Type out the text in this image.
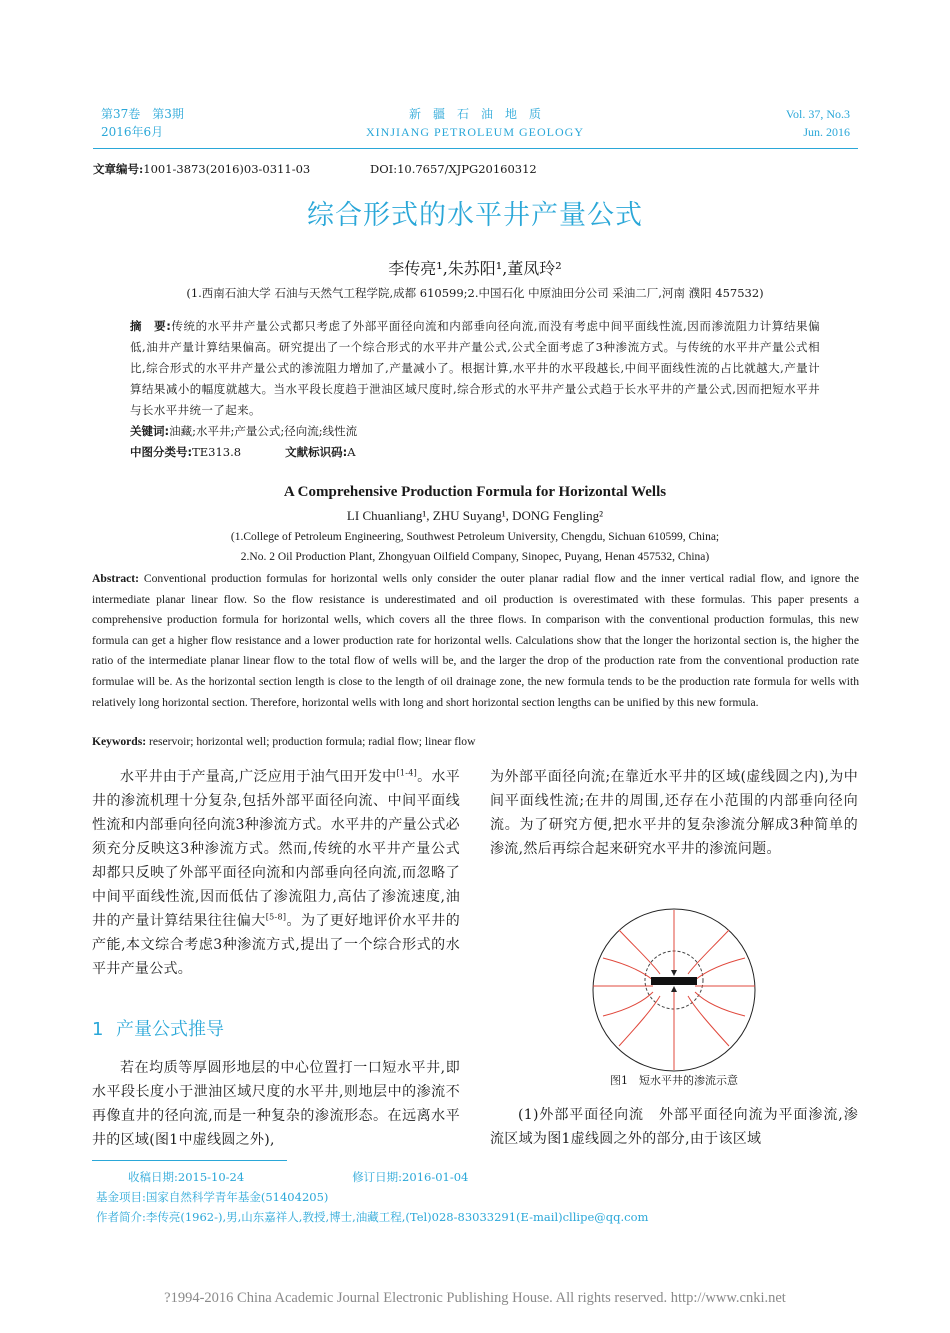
第37卷　第3期
2016年6月
新　疆　石　油　地　质
XINJIANG PETROLEUM GEOLOGY
Vol. 37, No.3
Jun. 2016
文章编号:1001-3873(2016)03-0311-03	DOI:10.7657/XJPG20160312
综合形式的水平井产量公式
李传亮¹,朱苏阳¹,董凤玲²
(1.西南石油大学 石油与天然气工程学院,成都 610599;2.中国石化 中原油田分公司 采油二厂,河南 濮阳 457532)
摘　要:传统的水平井产量公式都只考虑了外部平面径向流和内部垂向径向流,而没有考虑中间平面线性流,因而渗流阻力计算结果偏低,油井产量计算结果偏高。研究提出了一个综合形式的水平井产量公式,公式全面考虑了3种渗流方式。与传统的水平井产量公式相比,综合形式的水平井产量公式的渗流阻力增加了,产量减小了。根据计算,水平井的水平段越长,中间平面线性流的占比就越大,产量计算结果减小的幅度就越大。当水平段长度趋于泄油区域尺度时,综合形式的水平井产量公式趋于长水平井的产量公式,因而把短水平井与长水平井统一了起来。
关键词:油藏;水平井;产量公式;径向流;线性流
中图分类号:TE313.8	文献标识码:A
A Comprehensive Production Formula for Horizontal Wells
LI Chuanliang¹, ZHU Suyang¹, DONG Fengling²
(1.College of Petroleum Engineering, Southwest Petroleum University, Chengdu, Sichuan 610599, China;
2.No. 2 Oil Production Plant, Zhongyuan Oilfield Company, Sinopec, Puyang, Henan 457532, China)
Abstract: Conventional production formulas for horizontal wells only consider the outer planar radial flow and the inner vertical radial flow, and ignore the intermediate planar linear flow. So the flow resistance is underestimated and oil production is overestimated with these formulas. This paper presents a comprehensive production formula for horizontal wells, which covers all the three flows. In comparison with the conventional production formulas, this new formula can get a higher flow resistance and a lower production rate for horizontal wells. Calculations show that the longer the horizontal section is, the higher the ratio of the intermediate planar linear flow to the total flow of wells will be, and the larger the drop of the production rate from the conventional production rate formulae will be. As the horizontal section length is close to the length of oil drainage zone, the new formula tends to be the production rate formula for wells with relatively long horizontal section. Therefore, horizontal wells with long and short horizontal section lengths can be unified by this new formula.
Keywords: reservoir; horizontal well; production formula; radial flow; linear flow
水平井由于产量高,广泛应用于油气田开发中[1-4]。水平井的渗流机理十分复杂,包括外部平面径向流、中间平面线性流和内部垂向径向流3种渗流方式。水平井的产量公式必须充分反映这3种渗流方式。然而,传统的水平井产量公式却都只反映了外部平面径向流和内部垂向径向流,而忽略了中间平面线性流,因而低估了渗流阻力,高估了渗流速度,油井的产量计算结果往往偏大[5-8]。为了更好地评价水平井的产能,本文综合考虑3种渗流方式,提出了一个综合形式的水平井产量公式。
1 产量公式推导
若在均质等厚圆形地层的中心位置打一口短水平井,即水平段长度小于泄油区域尺度的水平井,则地层中的渗流不再像直井的径向流,而是一种复杂的渗流形态。在远离水平井的区域(图1中虚线圆之外),
为外部平面径向流;在靠近水平井的区域(虚线圆之内),为中间平面线性流;在井的周围,还存在小范围的内部垂向径向流。为了研究方便,把水平井的复杂渗流分解成3种简单的渗流,然后再综合起来研究水平井的渗流问题。
图1　短水平井的渗流示意
(1)外部平面径向流　外部平面径向流为平面渗流,渗流区域为图1虚线圆之外的部分,由于该区域
收稿日期:2015-10-24	修订日期:2016-01-04
基金项目:国家自然科学青年基金(51404205)
作者简介:李传亮(1962-),男,山东嘉祥人,教授,博士,油藏工程,(Tel)028-83033291(E-mail)cllipe@qq.com
?1994-2016 China Academic Journal Electronic Publishing House. All rights reserved. http://www.cnki.net
